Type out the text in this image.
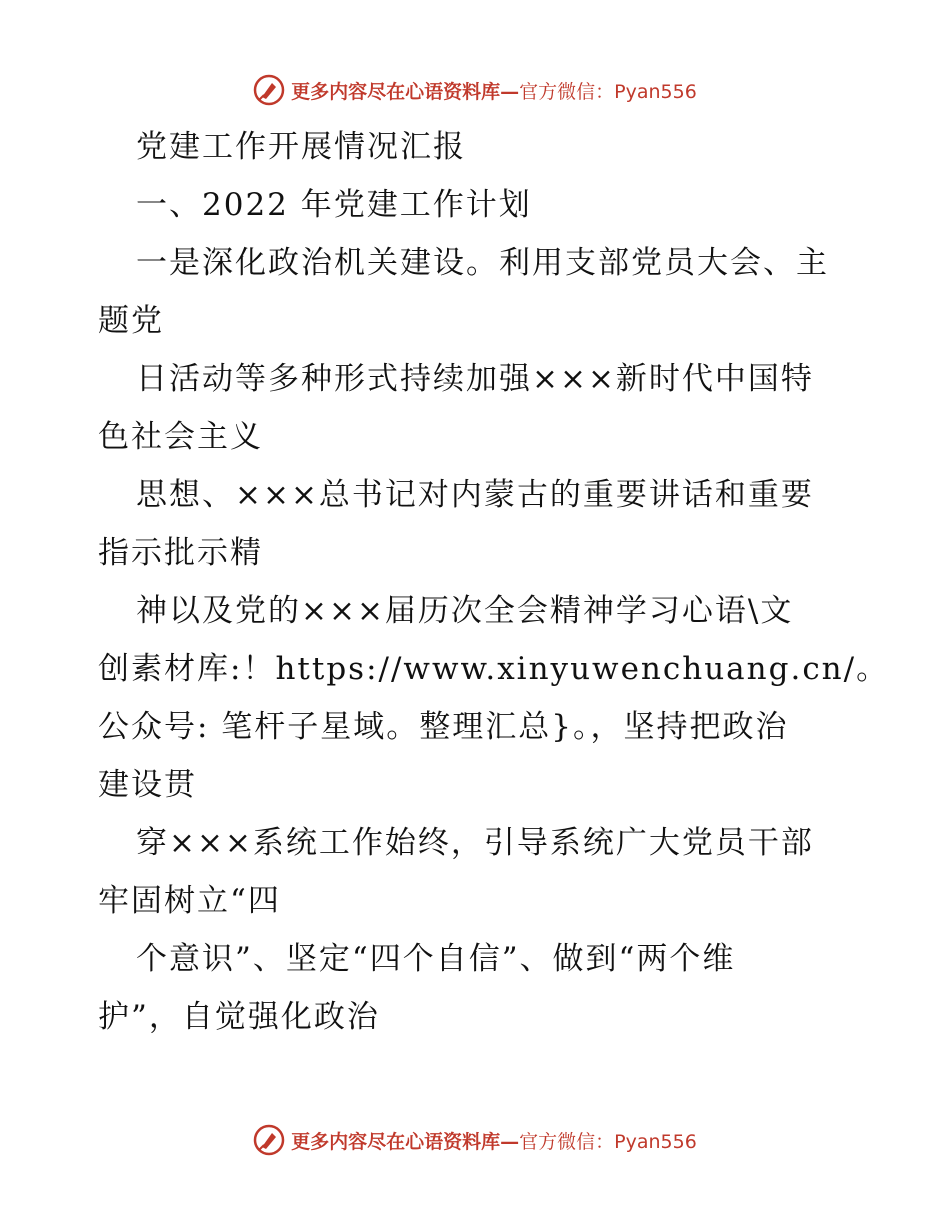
更多内容尽在心语资料库— 官方微信：Pyan556
党建工作开展情况汇报
一、2022 年党建工作计划
一是深化政治机关建设。利用支部党员大会、主
题党
日活动等多种形式持续加强×××新时代中国特
色社会主义
思想、×××总书记对内蒙古的重要讲话和重要
指示批示精
神以及党的×××届历次全会精神学习心语\文
创素材库:！https://www.xinyuwenchuang.cn/。
公众号: 笔杆子星域。整理汇总}。，坚持把政治
建设贯
穿×××系统工作始终，引导系统广大党员干部
牢固树立“四
个意识”、坚定“四个自信”、做到“两个维
护”，自觉强化政治
更多内容尽在心语资料库— 官方微信：Pyan556
